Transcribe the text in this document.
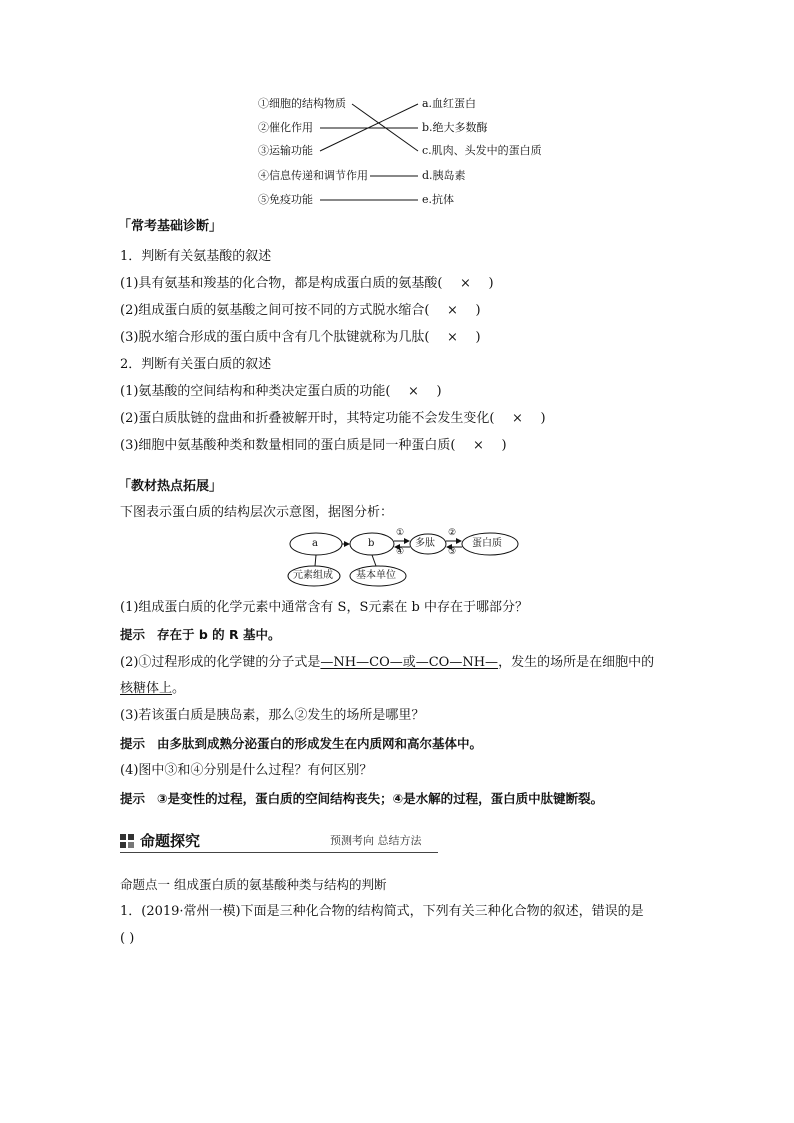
①细胞的结构物质
②催化作用
③运输功能
④信息传递和调节作用
⑤免疫功能
a.血红蛋白
b.绝大多数酶
c.肌肉、头发中的蛋白质
d.胰岛素
e.抗体
「常考基础诊断」
1．判断有关氨基酸的叙述
(1)具有氨基和羧基的化合物，都是构成蛋白质的氨基酸( × )
(2)组成蛋白质的氨基酸之间可按不同的方式脱水缩合( × )
(3)脱水缩合形成的蛋白质中含有几个肽键就称为几肽( × )
2．判断有关蛋白质的叙述
(1)氨基酸的空间结构和种类决定蛋白质的功能( × )
(2)蛋白质肽链的盘曲和折叠被解开时，其特定功能不会发生变化( × )
(3)细胞中氨基酸种类和数量相同的蛋白质是同一种蛋白质( × )
「教材热点拓展」
下图表示蛋白质的结构层次示意图，据图分析：
a	b	多肽	蛋白质
元素组成 基本单位
①
④
②
③
(1)组成蛋白质的化学元素中通常含有 S，S元素在 b 中存在于哪部分？
提示 存在于 b 的 R 基中。
(2)①过程形成的化学键的分子式是—NH—CO—或—CO—NH—，发生的场所是在细胞中的
核糖体上。
(3)若该蛋白质是胰岛素，那么②发生的场所是哪里？
提示 由多肽到成熟分泌蛋白的形成发生在内质网和高尔基体中。
(4)图中③和④分别是什么过程？有何区别？
提示 ③是变性的过程，蛋白质的空间结构丧失；④是水解的过程，蛋白质中肽键断裂。
命题探究	预测考向 总结方法
命题点一 组成蛋白质的氨基酸种类与结构的判断
1．(2019·常州一模)下面是三种化合物的结构简式，下列有关三种化合物的叙述，错误的是
( )
